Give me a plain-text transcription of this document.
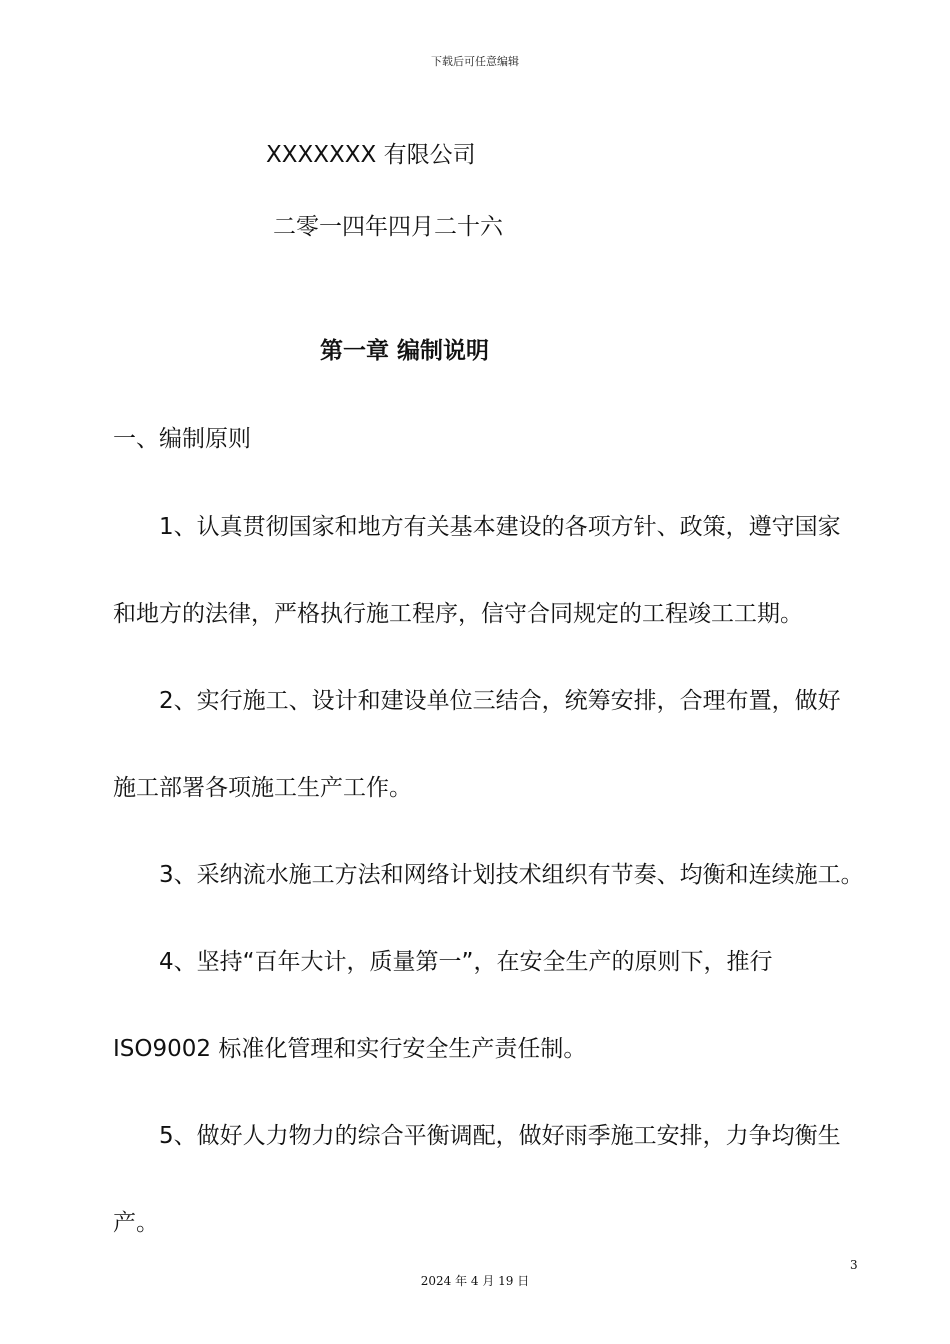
下载后可任意编辑
XXXXXXX 有限公司
二零一四年四月二十六
第一章 编制说明
一、编制原则
1、认真贯彻国家和地方有关基本建设的各项方针、政策，遵守国家
和地方的法律，严格执行施工程序，信守合同规定的工程竣工工期。
2、实行施工、设计和建设单位三结合，统筹安排，合理布置，做好
施工部署各项施工生产工作。
3、采纳流水施工方法和网络计划技术组织有节奏、均衡和连续施工。
4、坚持“百年大计，质量第一”，在安全生产的原则下，推行
ISO9002 标准化管理和实行安全生产责任制。
5、做好人力物力的综合平衡调配，做好雨季施工安排，力争均衡生
产。
3
2024 年 4 月 19 日
